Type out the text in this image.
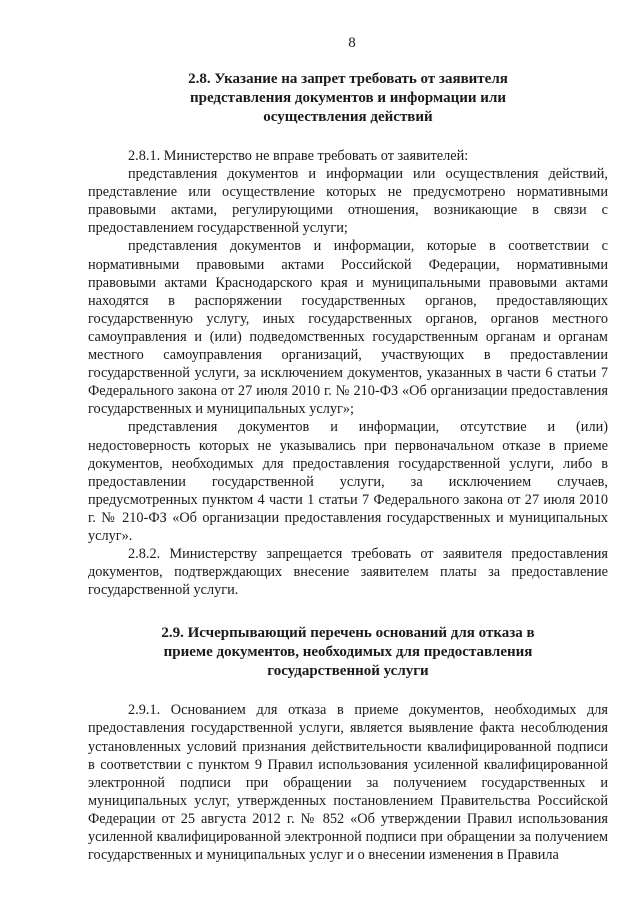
8
2.8. Указание на запрет требовать от заявителя
представления документов и информации или
осуществления действий

2.8.1. Министерство не вправе требовать от заявителей:

представления документов и информации или осуществления действий, представление или осуществление которых не предусмотрено нормативными правовыми актами, регулирующими отношения, возникающие в связи с предоставлением государственной услуги;

представления документов и информации, которые в соответствии с нормативными правовыми актами Российской Федерации, нормативными правовыми актами Краснодарского края и муниципальными правовыми актами находятся в распоряжении государственных органов, предоставляющих государственную услугу, иных государственных органов, органов местного самоуправления и (или) подведомственных государственным органам и органам местного самоуправления организаций, участвующих в предоставлении государственной услуги, за исключением документов, указанных в части 6 статьи 7 Федерального закона от 27 июля 2010 г. № 210-ФЗ «Об организации предоставления государственных и муниципальных услуг»;

представления документов и информации, отсутствие и (или) недостоверность которых не указывались при первоначальном отказе в приеме документов, необходимых для предоставления государственной услуги, либо в предоставлении государственной услуги, за исключением случаев, предусмотренных пунктом 4 части 1 статьи 7 Федерального закона от 27 июля 2010 г. № 210-ФЗ «Об организации предоставления государственных и муниципальных услуг».

2.8.2. Министерству запрещается требовать от заявителя предоставления документов, подтверждающих внесение заявителем платы за предоставление государственной услуги.

2.9. Исчерпывающий перечень оснований для отказа в
приеме документов, необходимых для предоставления
государственной услуги

2.9.1. Основанием для отказа в приеме документов, необходимых для предоставления государственной услуги, является выявление факта несоблюдения установленных условий признания действительности квалифицированной подписи в соответствии с пунктом 9 Правил использования усиленной квалифицированной электронной подписи при обращении за получением государственных и муниципальных услуг, утвержденных постановлением Правительства Российской Федерации от 25 августа 2012 г. № 852 «Об утверждении Правил использования усиленной квалифицированной электронной подписи при обращении за получением государственных и муниципальных услуг и о внесении изменения в Правила
